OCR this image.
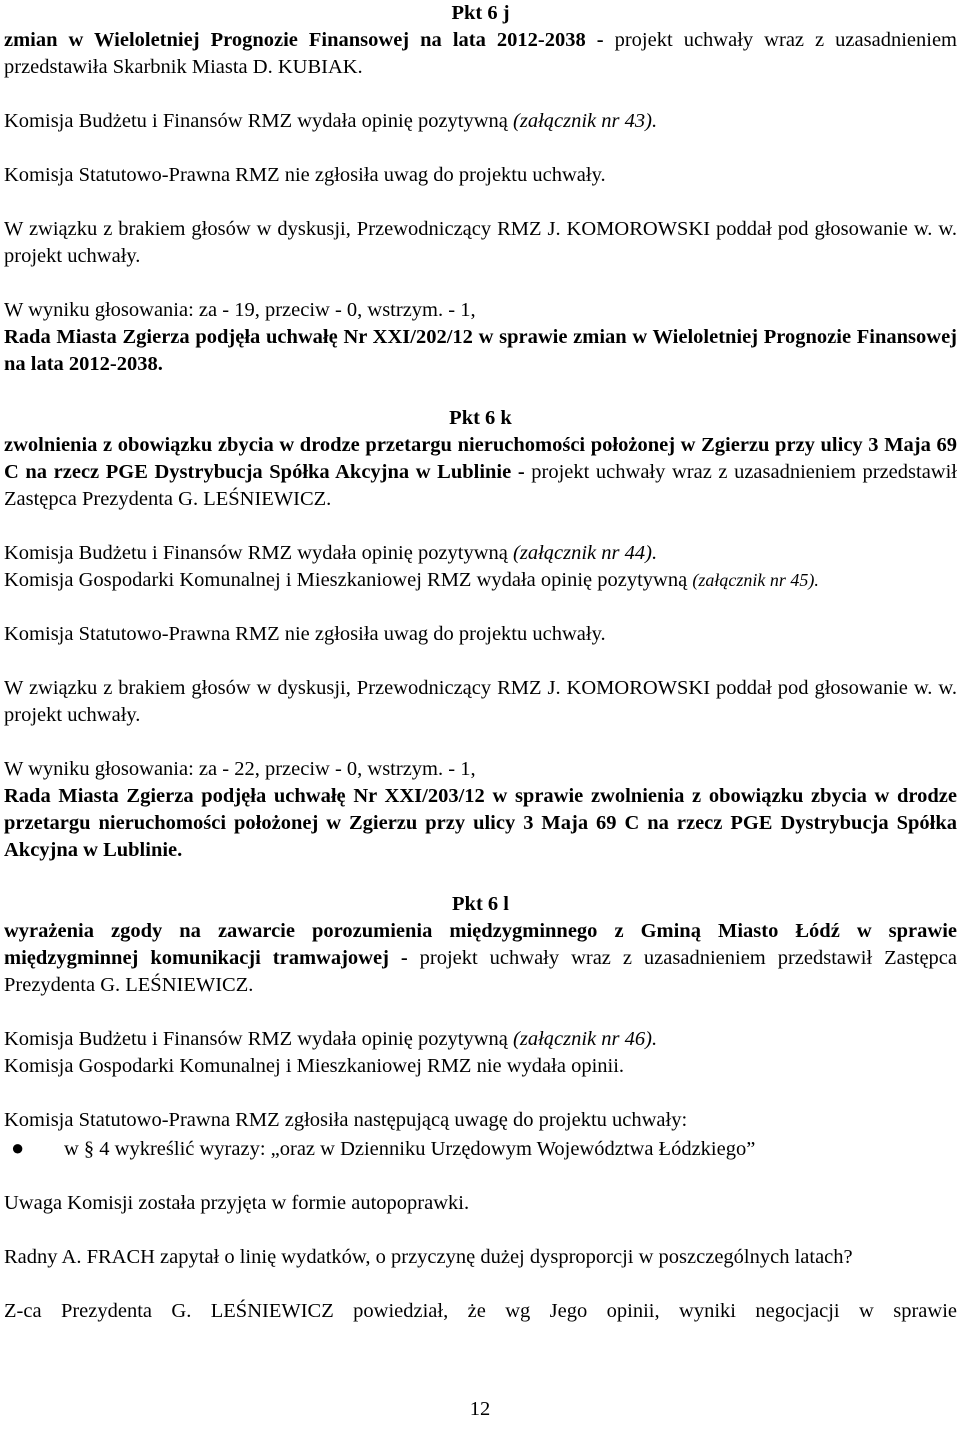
Pkt 6 j

zmian w Wieloletniej Prognozie Finansowej na lata 2012-2038 - projekt uchwały wraz z uzasadnieniem przedstawiła Skarbnik Miasta D. KUBIAK.

Komisja Budżetu i Finansów RMZ wydała opinię pozytywną (załącznik nr 43).

Komisja Statutowo-Prawna RMZ nie zgłosiła uwag do projektu uchwały.

W związku z brakiem głosów w dyskusji, Przewodniczący RMZ J. KOMOROWSKI poddał pod głosowanie w. w. projekt uchwały.

W wyniku głosowania: za - 19, przeciw - 0, wstrzym. - 1,

Rada Miasta Zgierza podjęła uchwałę Nr XXI/202/12 w sprawie zmian w Wieloletniej Prognozie Finansowej na lata 2012-2038.

Pkt 6 k

zwolnienia z obowiązku zbycia w drodze przetargu nieruchomości położonej w Zgierzu przy ulicy 3 Maja 69 C na rzecz PGE Dystrybucja Spółka Akcyjna w Lublinie - projekt uchwały wraz z uzasadnieniem przedstawił Zastępca Prezydenta G. LEŚNIEWICZ.

Komisja Budżetu i Finansów RMZ wydała opinię pozytywną (załącznik nr 44).

Komisja Gospodarki Komunalnej i Mieszkaniowej RMZ wydała opinię pozytywną (załącznik nr 45).

Komisja Statutowo-Prawna RMZ nie zgłosiła uwag do projektu uchwały.

W związku z brakiem głosów w dyskusji, Przewodniczący RMZ J. KOMOROWSKI poddał pod głosowanie w. w. projekt uchwały.

W wyniku głosowania: za - 22, przeciw - 0, wstrzym. - 1,

Rada Miasta Zgierza podjęła uchwałę Nr XXI/203/12 w sprawie zwolnienia z obowiązku zbycia w drodze przetargu nieruchomości położonej w Zgierzu przy ulicy 3 Maja 69 C na rzecz PGE Dystrybucja Spółka Akcyjna w Lublinie.

Pkt 6 l

wyrażenia zgody na zawarcie porozumienia międzygminnego z Gminą Miasto Łódź w sprawie międzygminnej komunikacji tramwajowej - projekt uchwały wraz z uzasadnieniem przedstawił Zastępca Prezydenta G. LEŚNIEWICZ.

Komisja Budżetu i Finansów RMZ wydała opinię pozytywną (załącznik nr 46).

Komisja Gospodarki Komunalnej i Mieszkaniowej RMZ nie wydała opinii.

Komisja Statutowo-Prawna RMZ zgłosiła następującą uwagę do projektu uchwały:

●	w § 4 wykreślić wyrazy: „oraz w Dzienniku Urzędowym Województwa Łódzkiego”

Uwaga Komisji została przyjęta w formie autopoprawki.

Radny A. FRACH zapytał o linię wydatków, o przyczynę dużej dysproporcji w poszczególnych latach?

Z-ca Prezydenta G. LEŚNIEWICZ powiedział, że wg Jego opinii, wyniki negocjacji w sprawie

12
